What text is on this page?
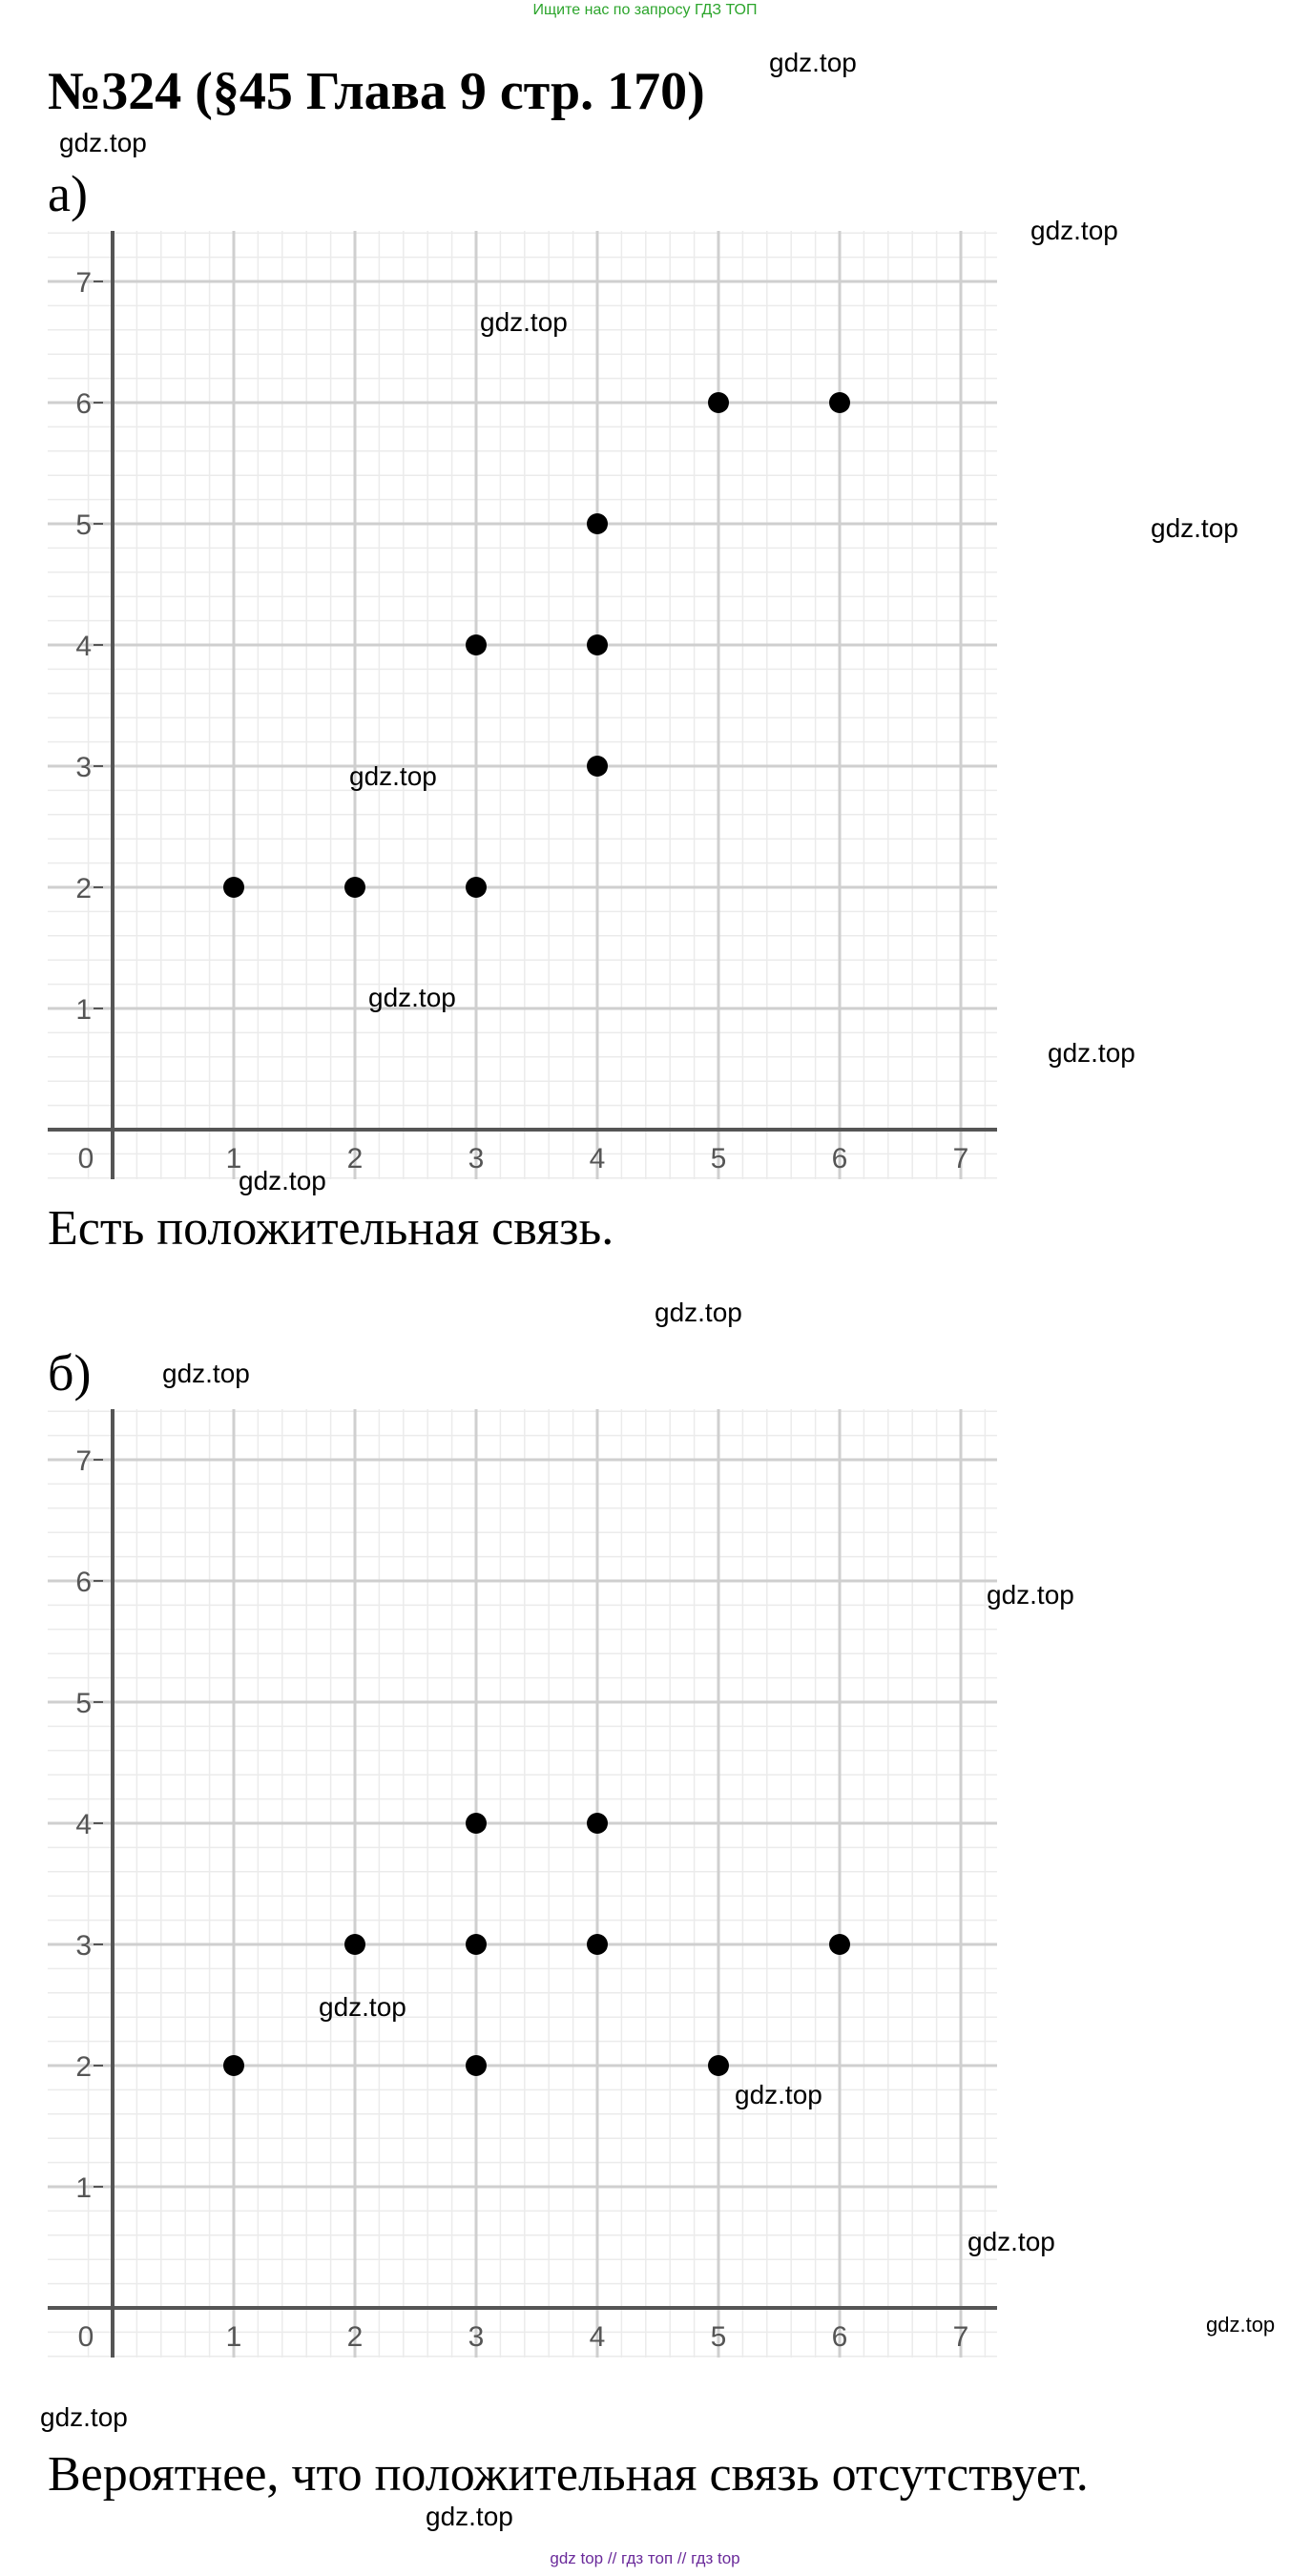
Ищите нас по запросу ГДЗ ТОП
№324 (§45 Глава 9 стр. 170)
а)
0	1	2	3	4	5	6	7
1
2
3
4
5
6
7
Есть положительная связь.
б)
0	1	2	3	4	5	6	7
1
2
3
4
5
6
7
Вероятнее, что положительная связь отсутствует.
gdz.top
gdz.top
gdz.top
gdz.top
gdz.top
gdz.top
gdz.top
gdz.top
gdz.top
gdz.top
gdz.top
gdz.top
gdz.top
gdz.top
gdz.top
gdz.top
gdz.top
gdz.top
gdz top // гдз топ // гдз top
